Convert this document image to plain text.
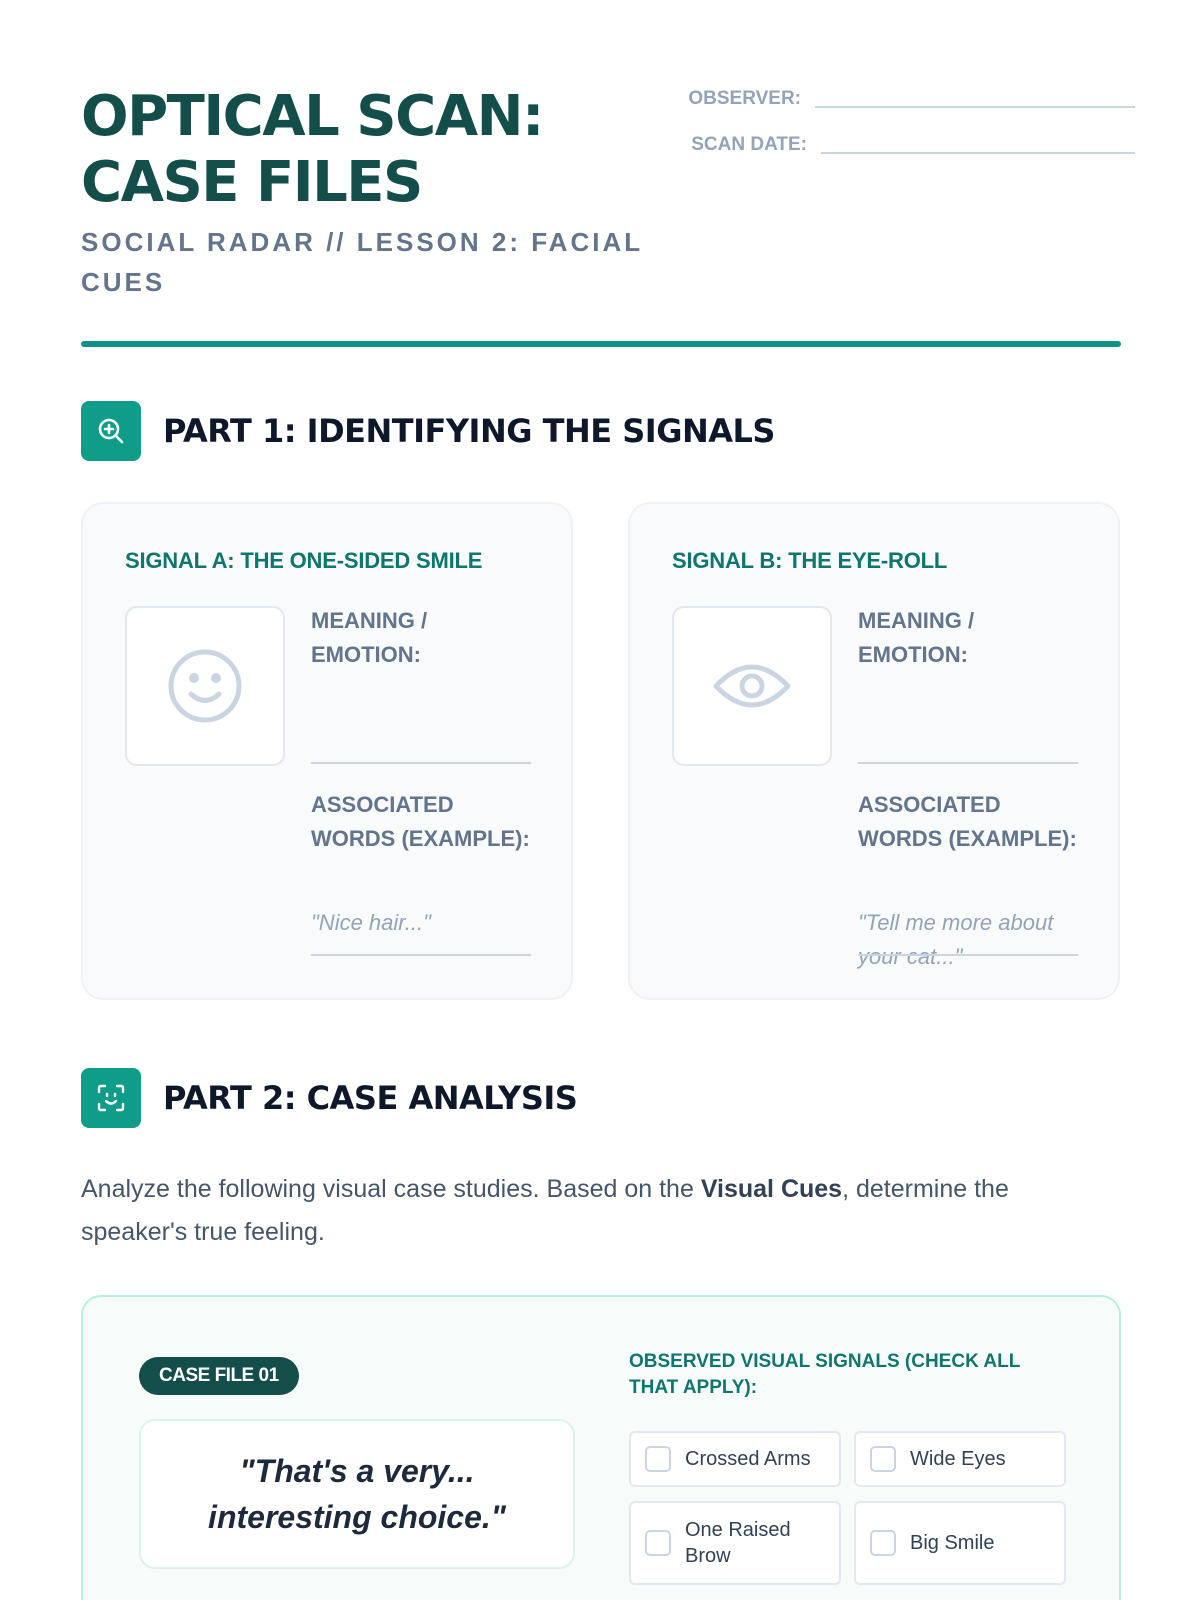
OPTICAL SCAN:
CASE FILES
SOCIAL RADAR // LESSON 2: FACIAL CUES
OBSERVER:
SCAN DATE:
PART 1: IDENTIFYING THE SIGNALS
SIGNAL A: THE ONE-SIDED SMILE
MEANING / EMOTION:
ASSOCIATED WORDS (EXAMPLE):
"Nice hair..."
SIGNAL B: THE EYE-ROLL
MEANING / EMOTION:
ASSOCIATED WORDS (EXAMPLE):
"Tell me more about your cat..."
PART 2: CASE ANALYSIS

Analyze the following visual case studies. Based on the Visual Cues, determine the speaker's true feeling.

CASE FILE 01
"That's a very... interesting choice."
OBSERVED VISUAL SIGNALS (CHECK ALL THAT APPLY):
Crossed Arms	Wide Eyes
One Raised Brow
Big Smile
